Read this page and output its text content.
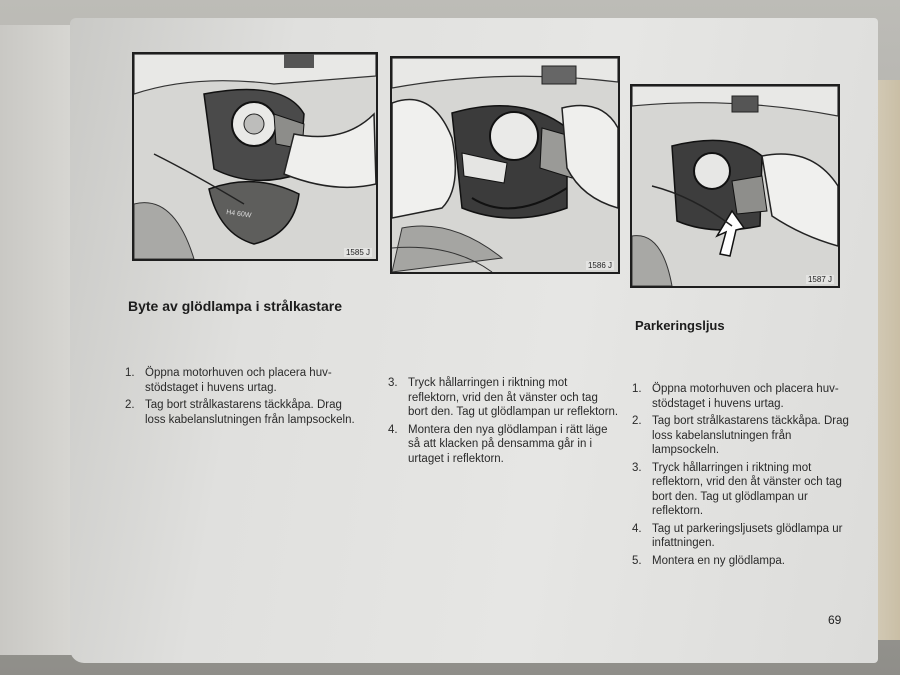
H4 60W
1585 J
1586 J
1587 J
Byte av glödlampa i strålkastare
Parkeringsljus
1. Öppna motorhuven och placera huv-stödstaget i huvens urtag.
2. Tag bort strålkastarens täckkåpa. Drag loss kabelanslutningen från lampsockeln.
3. Tryck hållarringen i riktning mot reflektorn, vrid den åt vänster och tag bort den. Tag ut glödlampan ur reflektorn.
4. Montera den nya glödlampan i rätt läge så att klacken på densamma går in i urtaget i reflektorn.
1. Öppna motorhuven och placera huv-stödstaget i huvens urtag.
2. Tag bort strålkastarens täckkåpa. Drag loss kabelanslutningen från lampsockeln.
3. Tryck hållarringen i riktning mot reflektorn, vrid den åt vänster och tag bort den. Tag ut glödlampan ur reflektorn.
4. Tag ut parkeringsljusets glödlampa ur infattningen.
5. Montera en ny glödlampa.
69
